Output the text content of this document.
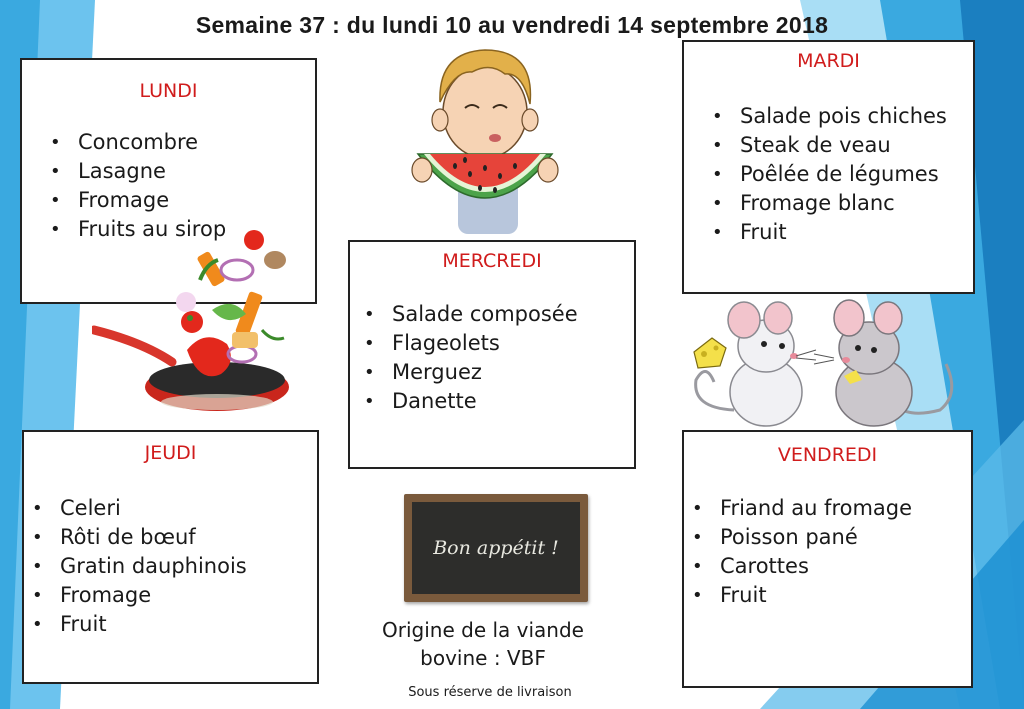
Semaine 37 : du lundi 10 au vendredi 14 septembre 2018
LUNDI
• Concombre
• Lasagne
• Fromage
• Fruits au sirop
MARDI
• Salade pois chiches
• Steak de veau
• Poêlée de légumes
• Fromage blanc
• Fruit
MERCREDI
• Salade composée
• Flageolets
• Merguez
• Danette
JEUDI
• Celeri
• Rôti de bœuf
• Gratin dauphinois
• Fromage
• Fruit
VENDREDI
• Friand au fromage
• Poisson pané
• Carottes
• Fruit
Bon appétit !
Origine de la viande
bovine : VBF
Sous réserve de livraison
